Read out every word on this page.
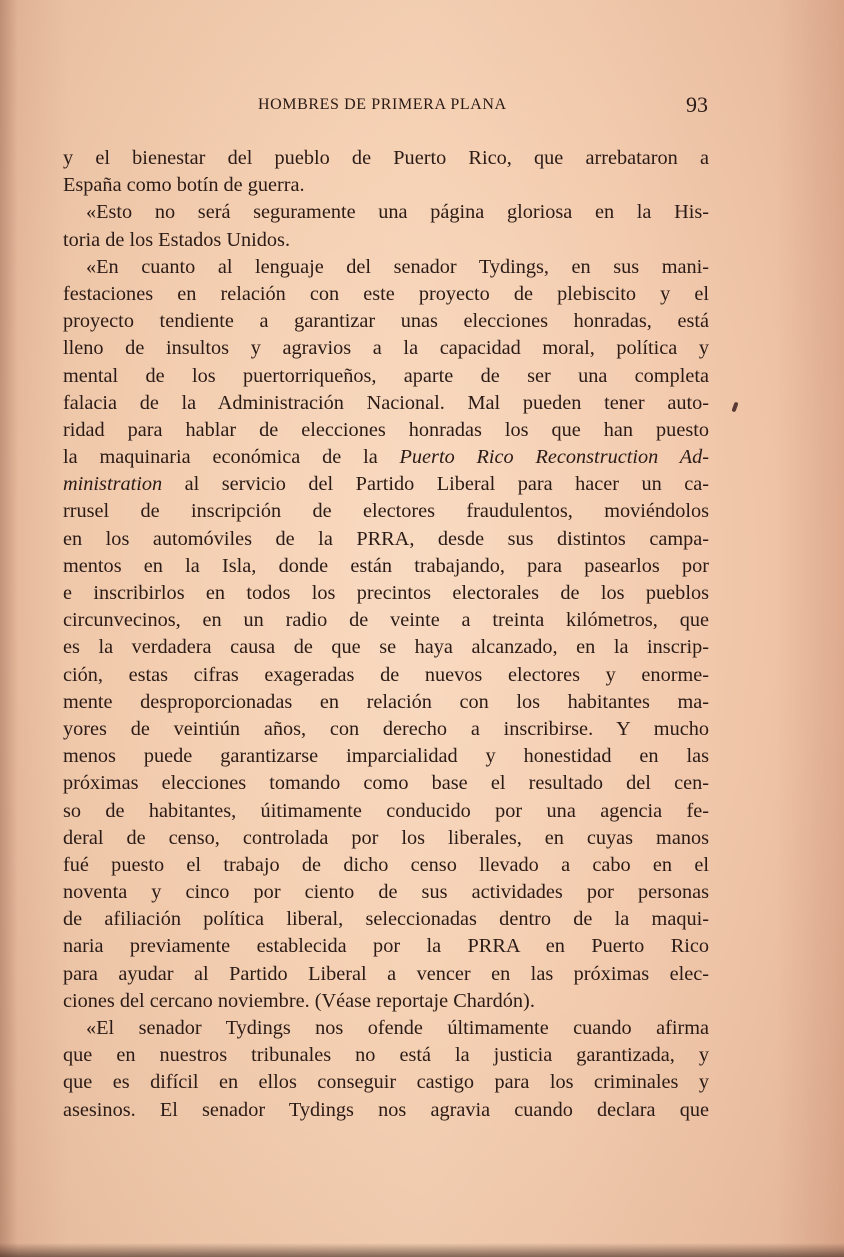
HOMBRES DE PRIMERA PLANA	93
y el bienestar del pueblo de Puerto Rico, que arrebataron a
España como botín de guerra.
«Esto no será seguramente una página gloriosa en la His-
toria de los Estados Unidos.
«En cuanto al lenguaje del senador Tydings, en sus mani-
festaciones en relación con este proyecto de plebiscito y el
proyecto tendiente a garantizar unas elecciones honradas, está
lleno de insultos y agravios a la capacidad moral, política y
mental de los puertorriqueños, aparte de ser una completa
falacia de la Administración Nacional. Mal pueden tener auto-
ridad para hablar de elecciones honradas los que han puesto
la maquinaria económica de la Puerto Rico Reconstruction Ad-
ministration al servicio del Partido Liberal para hacer un ca-
rrusel de inscripción de electores fraudulentos, moviéndolos
en los automóviles de la PRRA, desde sus distintos campa-
mentos en la Isla, donde están trabajando, para pasearlos por
e inscribirlos en todos los precintos electorales de los pueblos
circunvecinos, en un radio de veinte a treinta kilómetros, que
es la verdadera causa de que se haya alcanzado, en la inscrip-
ción, estas cifras exageradas de nuevos electores y enorme-
mente desproporcionadas en relación con los habitantes ma-
yores de veintiún años, con derecho a inscribirse. Y mucho
menos puede garantizarse imparcialidad y honestidad en las
próximas elecciones tomando como base el resultado del cen-
so de habitantes, úitimamente conducido por una agencia fe-
deral de censo, controlada por los liberales, en cuyas manos
fué puesto el trabajo de dicho censo llevado a cabo en el
noventa y cinco por ciento de sus actividades por personas
de afiliación política liberal, seleccionadas dentro de la maqui-
naria previamente establecida por la PRRA en Puerto Rico
para ayudar al Partido Liberal a vencer en las próximas elec-
ciones del cercano noviembre. (Véase reportaje Chardón).
«El senador Tydings nos ofende últimamente cuando afirma
que en nuestros tribunales no está la justicia garantizada, y
que es difícil en ellos conseguir castigo para los criminales y
asesinos. El senador Tydings nos agravia cuando declara que
